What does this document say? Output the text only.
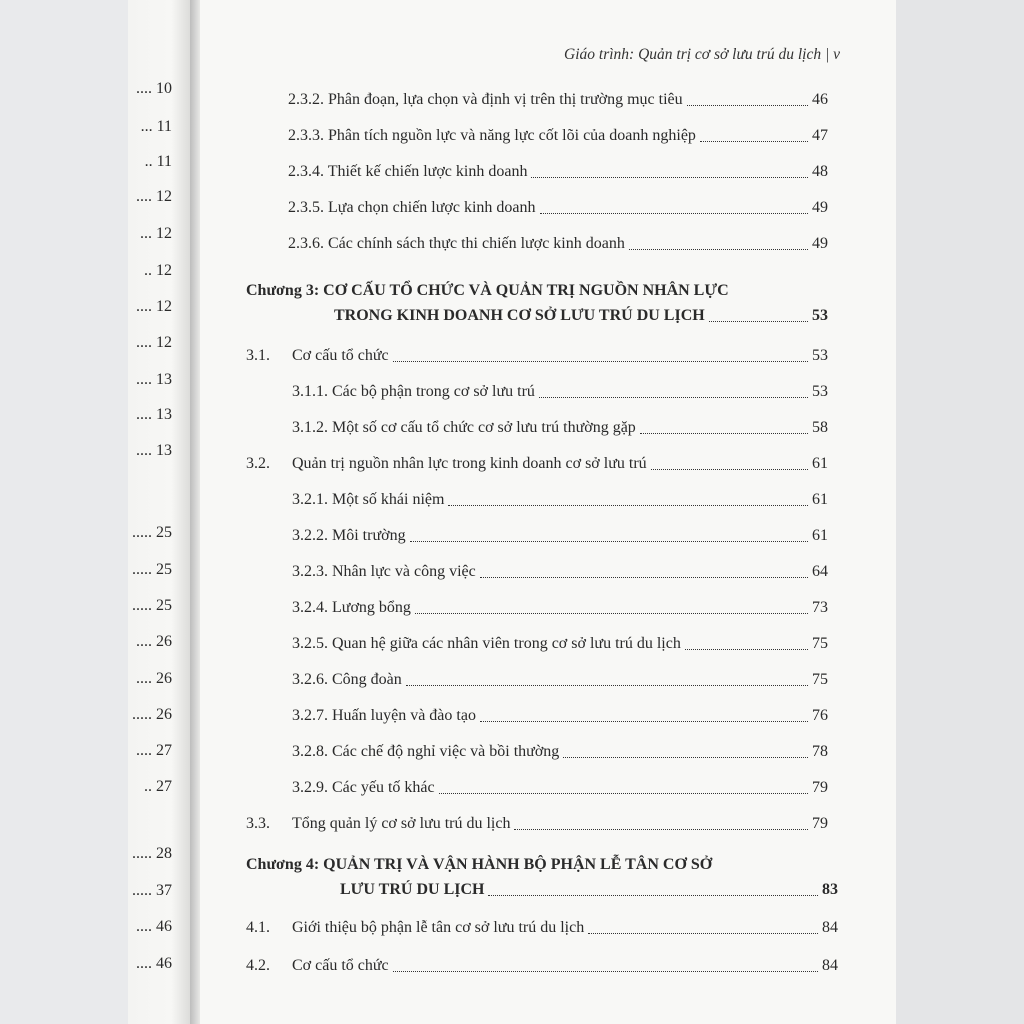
.... 10
... 11
.. 11
.... 12
... 12
.. 12
.... 12
.... 12
.... 13
.... 13
.... 13
..... 25
..... 25
..... 25
.... 26
.... 26
..... 26
.... 27
.. 27
..... 28
..... 37
.... 46
.... 46
Giáo trình: Quản trị cơ sở lưu trú du lịch | v
2.3.2. Phân đoạn, lựa chọn và định vị trên thị trường mục tiêu	46
2.3.3. Phân tích nguồn lực và năng lực cốt lõi của doanh nghiệp	47
2.3.4. Thiết kế chiến lược kinh doanh	48
2.3.5. Lựa chọn chiến lược kinh doanh	49
2.3.6. Các chính sách thực thi chiến lược kinh doanh	49
Chương 3: CƠ CẤU TỔ CHỨC VÀ QUẢN TRỊ NGUỒN NHÂN LỰC
TRONG KINH DOANH CƠ SỞ LƯU TRÚ DU LỊCH	53
3.1.	Cơ cấu tổ chức	53
3.1.1. Các bộ phận trong cơ sở lưu trú	53
3.1.2. Một số cơ cấu tổ chức cơ sở lưu trú thường gặp	58
3.2.	Quản trị nguồn nhân lực trong kinh doanh cơ sở lưu trú	61
3.2.1. Một số khái niệm	61
3.2.2. Môi trường	61
3.2.3. Nhân lực và công việc	64
3.2.4. Lương bổng	73
3.2.5. Quan hệ giữa các nhân viên trong cơ sở lưu trú du lịch	75
3.2.6. Công đoàn	75
3.2.7. Huấn luyện và đào tạo	76
3.2.8. Các chế độ nghỉ việc và bồi thường	78
3.2.9. Các yếu tố khác	79
3.3.	Tổng quản lý cơ sở lưu trú du lịch	79
Chương 4: QUẢN TRỊ VÀ VẬN HÀNH BỘ PHẬN LỄ TÂN CƠ SỞ
LƯU TRÚ DU LỊCH	83
4.1.	Giới thiệu bộ phận lễ tân cơ sở lưu trú du lịch	84
4.2.	Cơ cấu tổ chức	84
